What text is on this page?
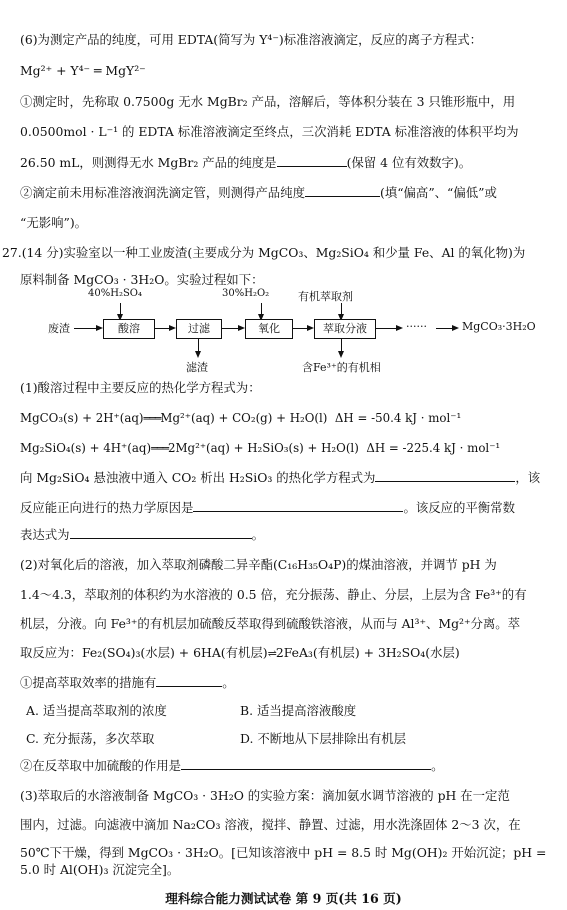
(6)为测定产品的纯度，可用 EDTA(简写为 Y⁴⁻)标准溶液滴定，反应的离子方程式：
Mg²⁺ + Y⁴⁻ ═ MgY²⁻
①测定时，先称取 0.7500g 无水 MgBr₂ 产品，溶解后，等体积分装在 3 只锥形瓶中，用
0.0500mol · L⁻¹ 的 EDTA 标准溶液滴定至终点，三次消耗 EDTA 标准溶液的体积平均为
26.50 mL，则测得无水 MgBr₂ 产品的纯度是	(保留 4 位有效数字)。
②滴定前未用标准溶液润洗滴定管，则测得产品纯度	(填“偏高”、“偏低”或
“无影响”)。
27.(14 分)实验室以一种工业废渣(主要成分为 MgCO₃、Mg₂SiO₄ 和少量 Fe、Al 的氧化物)为
原料制备 MgCO₃ · 3H₂O。实验过程如下：
废渣
40%H₂SO₄
酸溶	过滤
滤渣
30%H₂O₂
氧化
有机萃取剂
萃取分液
含Fe³⁺的有机相
······	MgCO₃·3H₂O
(1)酸溶过程中主要反应的热化学方程式为：
MgCO₃(s) + 2H⁺(aq)═══Mg²⁺(aq) + CO₂(g) + H₂O(l) ΔH = -50.4 kJ · mol⁻¹
Mg₂SiO₄(s) + 4H⁺(aq)═══2Mg²⁺(aq) + H₂SiO₃(s) + H₂O(l) ΔH = -225.4 kJ · mol⁻¹
向 Mg₂SiO₄ 悬浊液中通入 CO₂ 析出 H₂SiO₃ 的热化学方程式为	，该
反应能正向进行的热力学原因是	。该反应的平衡常数
表达式为	。
(2)对氧化后的溶液，加入萃取剂磷酸二异辛酯(C₁₆H₃₅O₄P)的煤油溶液，并调节 pH 为
1.4～4.3，萃取剂的体积约为水溶液的 0.5 倍，充分振荡、静止、分层，上层为含 Fe³⁺的有
机层，分液。向 Fe³⁺的有机层加硫酸反萃取得到硫酸铁溶液，从而与 Al³⁺、Mg²⁺分离。萃
取反应为：Fe₂(SO₄)₃(水层) + 6HA(有机层)⇌2FeA₃(有机层) + 3H₂SO₄(水层)
①提高萃取效率的措施有	。
A. 适当提高萃取剂的浓度	B. 适当提高溶液酸度
C. 充分振荡，多次萃取	D. 不断地从下层排除出有机层
②在反萃取中加硫酸的作用是	。
(3)萃取后的水溶液制备 MgCO₃ · 3H₂O 的实验方案：滴加氨水调节溶液的 pH 在一定范
围内，过滤。向滤液中滴加 Na₂CO₃ 溶液，搅拌、静置、过滤，用水洗涤固体 2～3 次，在
50℃下干燥，得到 MgCO₃ · 3H₂O。[已知该溶液中 pH = 8.5 时 Mg(OH)₂ 开始沉淀；pH =
5.0 时 Al(OH)₃ 沉淀完全]。
理科综合能力测试试卷 第 9 页(共 16 页)
